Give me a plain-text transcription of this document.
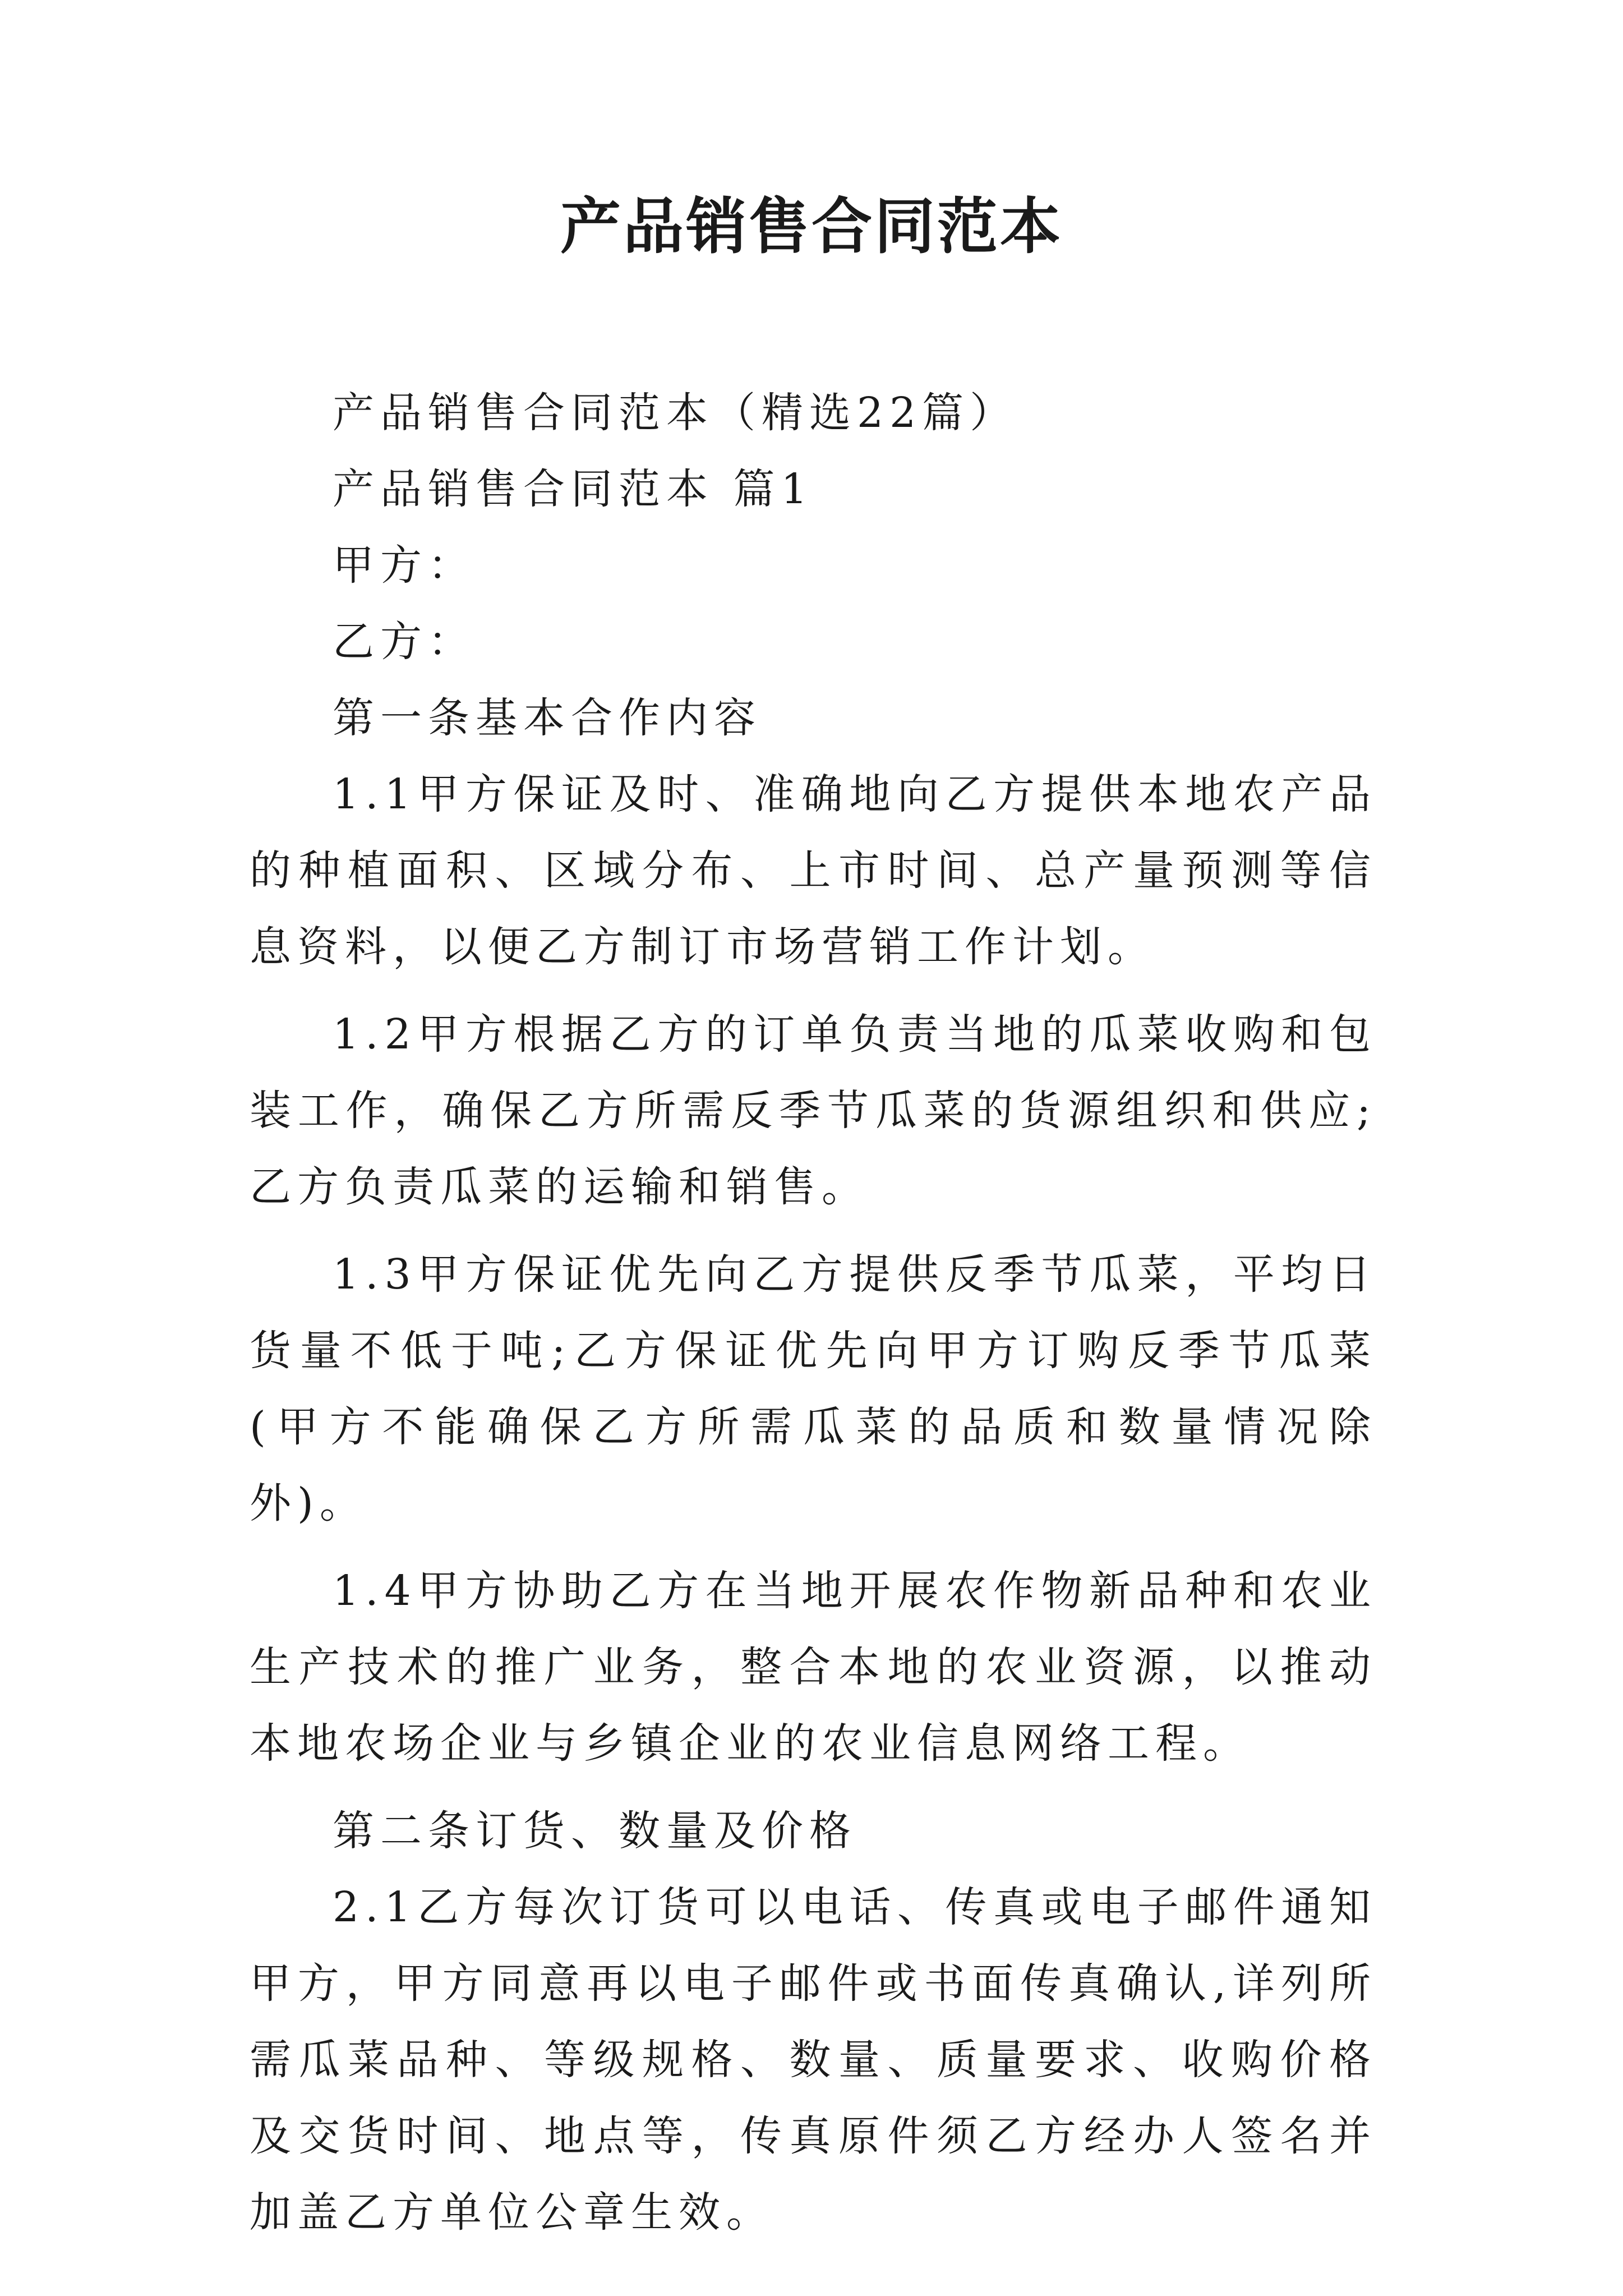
产品销售合同范本

产品销售合同范本（精选22篇）

产品销售合同范本 篇1

甲方：

乙方：

第一条基本合作内容

1.1甲方保证及时、准确地向乙方提供本地农产品的种植面积、区域分布、上市时间、总产量预测等信息资料，以便乙方制订市场营销工作计划。

1.2甲方根据乙方的订单负责当地的瓜菜收购和包装工作，确保乙方所需反季节瓜菜的货源组织和供应;乙方负责瓜菜的运输和销售。

1.3甲方保证优先向乙方提供反季节瓜菜，平均日货量不低于吨;乙方保证优先向甲方订购反季节瓜菜(甲方不能确保乙方所需瓜菜的品质和数量情况除外)。

1.4甲方协助乙方在当地开展农作物新品种和农业生产技术的推广业务，整合本地的农业资源，以推动本地农场企业与乡镇企业的农业信息网络工程。

第二条订货、数量及价格

2.1乙方每次订货可以电话、传真或电子邮件通知甲方，甲方同意再以电子邮件或书面传真确认,详列所需瓜菜品种、等级规格、数量、质量要求、收购价格及交货时间、地点等，传真原件须乙方经办人签名并加盖乙方单位公章生效。
